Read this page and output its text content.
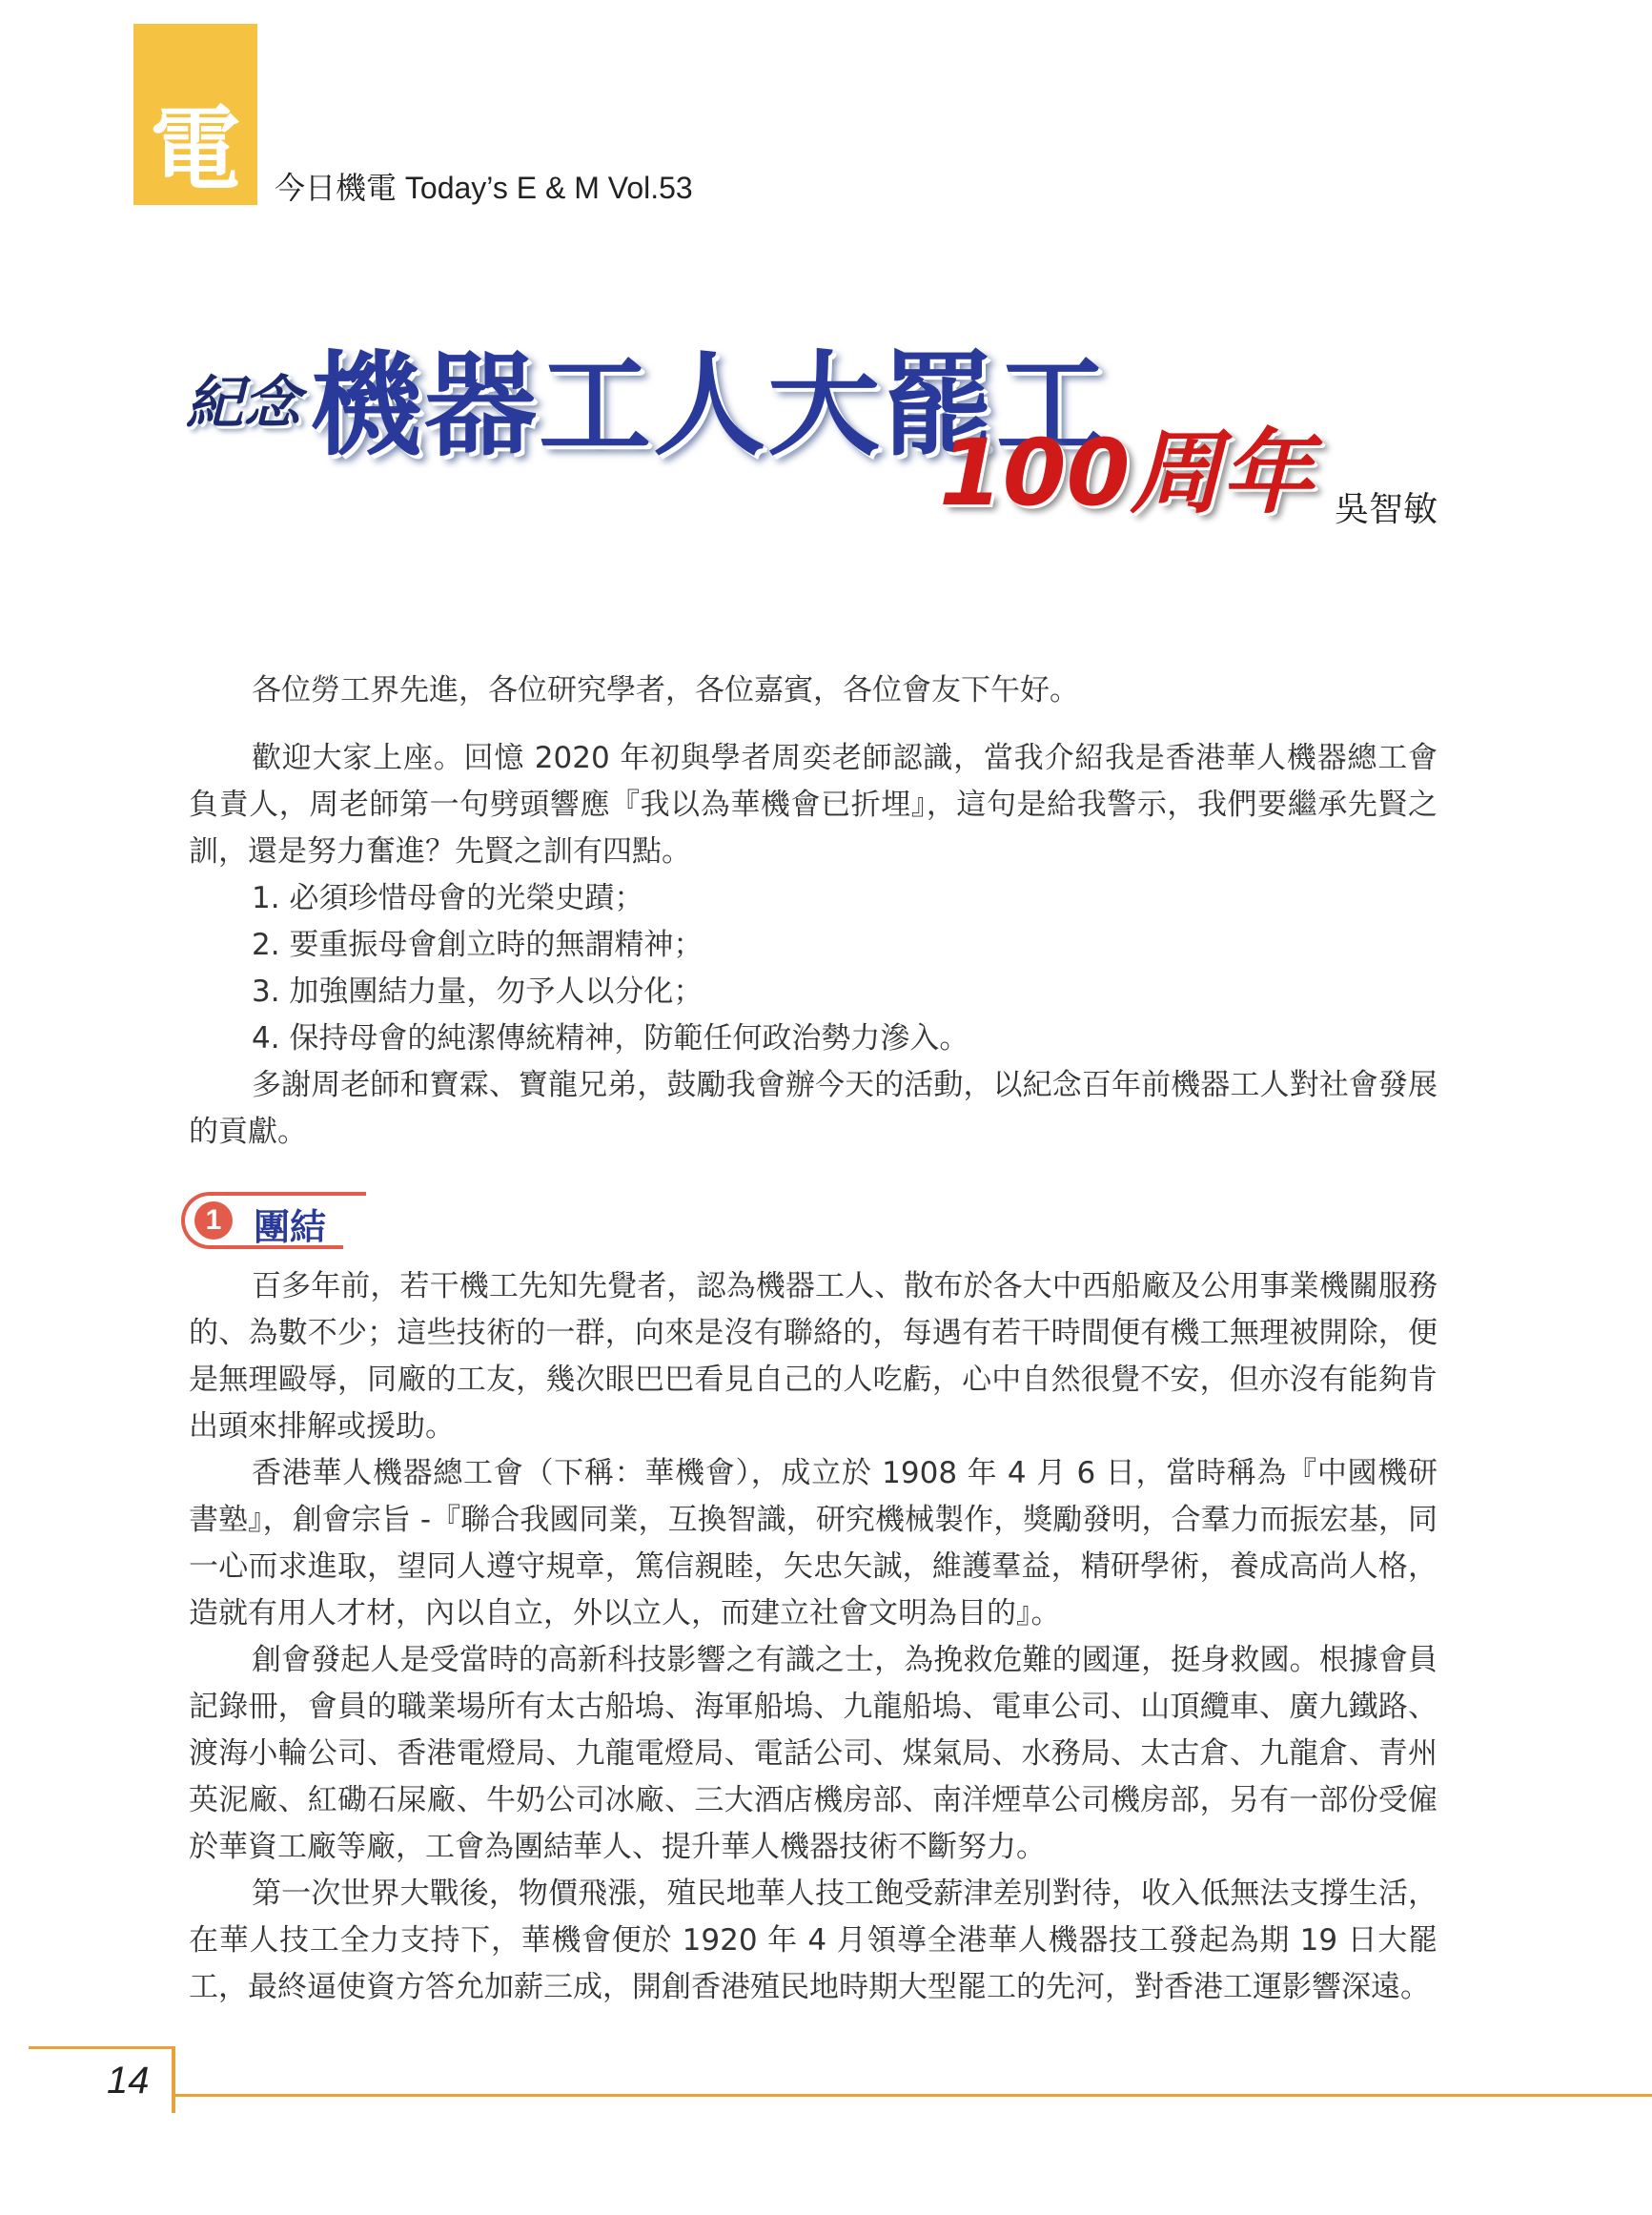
電	今日機電 Today’s E & M Vol.53
紀念 機器工人大罷工
100周年 吳智敏

各位勞工界先進，各位研究學者，各位嘉賓，各位會友下午好。

歡迎大家上座。回憶 2020 年初與學者周奕老師認識，當我介紹我是香港華人機器總工會負責人，周老師第一句劈頭響應『我以為華機會已折埋』，這句是給我警示，我們要繼承先賢之訓，還是努力奮進？先賢之訓有四點。

1. 必須珍惜母會的光榮史蹟；

2. 要重振母會創立時的無謂精神；

3. 加強團結力量，勿予人以分化；

4. 保持母會的純潔傳統精神，防範任何政治勢力滲入。

多謝周老師和寶霖、寶龍兄弟，鼓勵我會辦今天的活動，以紀念百年前機器工人對社會發展的貢獻。

1 團結

百多年前，若干機工先知先覺者，認為機器工人、散布於各大中西船廠及公用事業機關服務的、為數不少；這些技術的一群，向來是沒有聯絡的，每遇有若干時間便有機工無理被開除，便是無理毆辱，同廠的工友，幾次眼巴巴看見自己的人吃虧，心中自然很覺不安，但亦沒有能夠肯出頭來排解或援助。

香港華人機器總工會（下稱：華機會），成立於 1908 年 4 月 6 日，當時稱為『中國機研書塾』，創會宗旨 -『聯合我國同業，互換智識，研究機械製作，獎勵發明，合羣力而振宏基，同一心而求進取，望同人遵守規章，篤信親睦，矢忠矢誠，維護羣益，精研學術，養成高尚人格，造就有用人才材，內以自立，外以立人，而建立社會文明為目的』。

創會發起人是受當時的高新科技影響之有識之士，為挽救危難的國運，挺身救國。根據會員記錄冊，會員的職業場所有太古船塢、海軍船塢、九龍船塢、電車公司、山頂纜車、廣九鐵路、渡海小輪公司、香港電燈局、九龍電燈局、電話公司、煤氣局、水務局、太古倉、九龍倉、青州英泥廠、紅磡石屎廠、牛奶公司冰廠、三大酒店機房部、南洋煙草公司機房部，另有一部份受僱於華資工廠等廠，工會為團結華人、提升華人機器技術不斷努力。

第一次世界大戰後，物價飛漲，殖民地華人技工飽受薪津差別對待，收入低無法支撐生活，在華人技工全力支持下，華機會便於 1920 年 4 月領導全港華人機器技工發起為期 19 日大罷工，最終逼使資方答允加薪三成，開創香港殖民地時期大型罷工的先河，對香港工運影響深遠。

14
